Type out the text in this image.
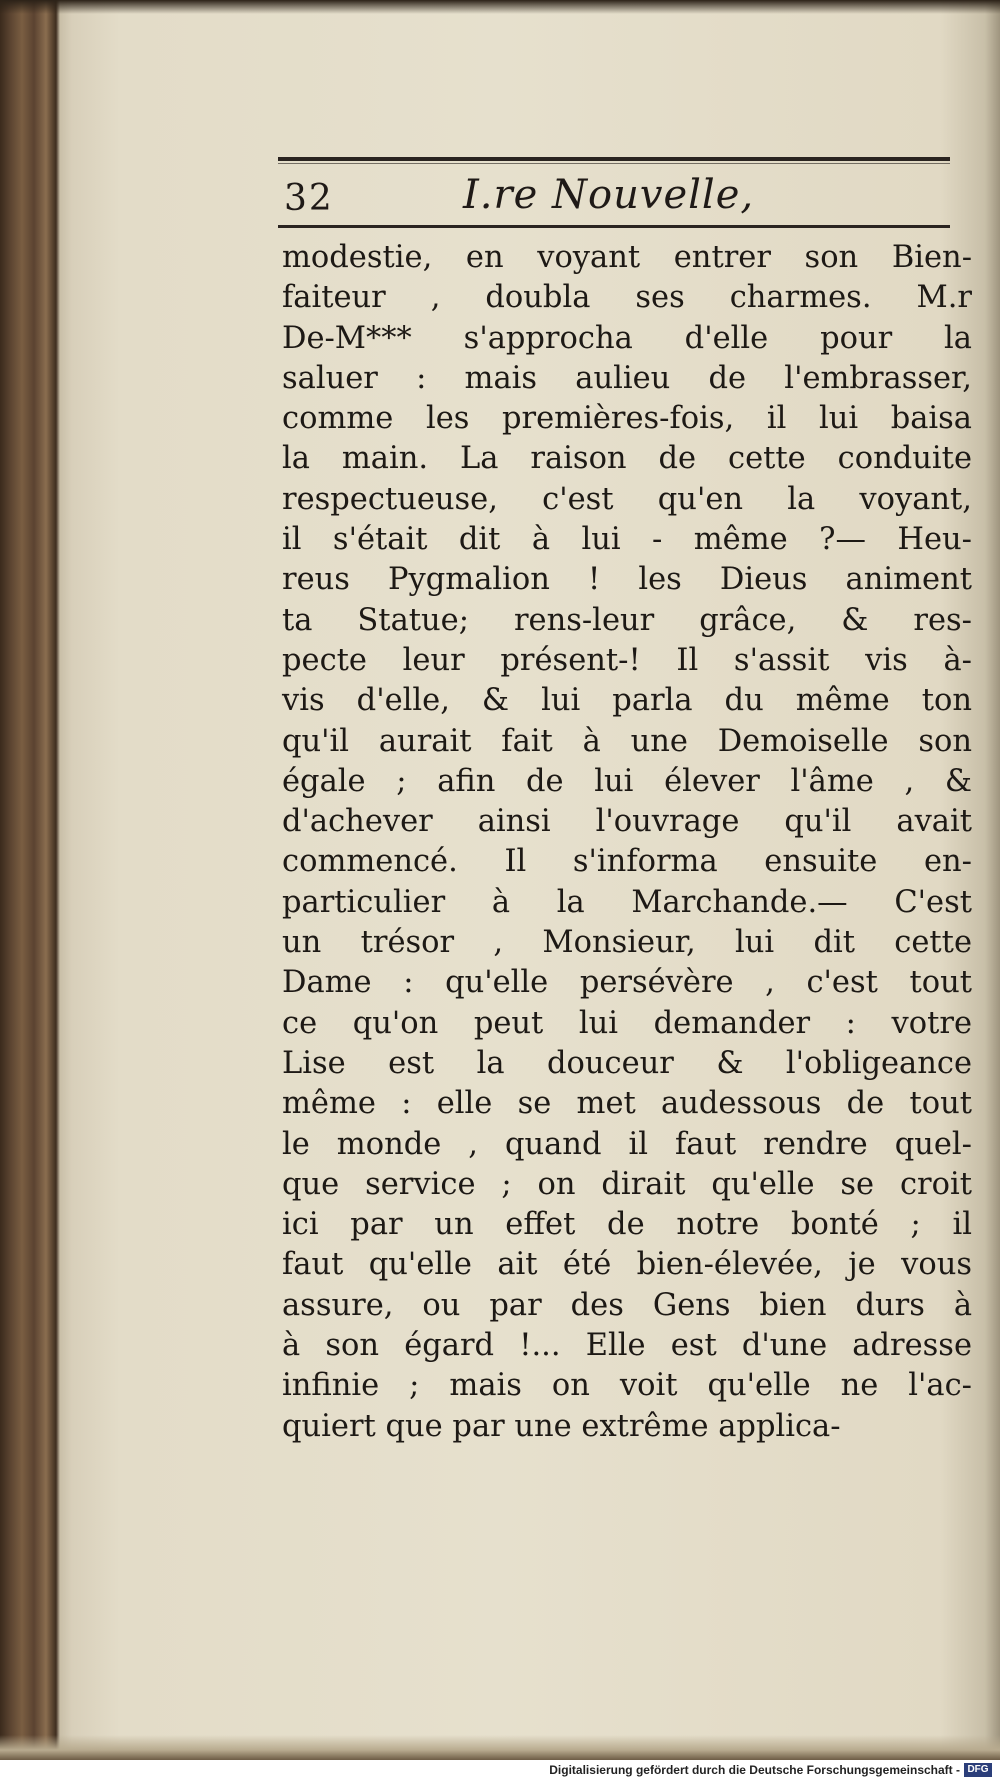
32	I.re Nouvelle,
modestie, en voyant entrer son Bien-
faiteur , doubla ses charmes. M.r
De-M*** s'approcha d'elle pour la
saluer : mais aulieu de l'embrasser,
comme les premières-fois, il lui baisa
la main. La raison de cette conduite
respectueuse, c'est qu'en la voyant,
il s'était dit à lui - même ?— Heu-
reus Pygmalion ! les Dieus animent
ta Statue; rens-leur grâce, & res-
pecte leur présent-! Il s'assit vis à-
vis d'elle, & lui parla du même ton
qu'il aurait fait à une Demoiselle son
égale ; afin de lui élever l'âme , &
d'achever ainsi l'ouvrage qu'il avait
commencé. Il s'informa ensuite en-
particulier à la Marchande.— C'est
un trésor , Monsieur, lui dit cette
Dame : qu'elle persévère , c'est tout
ce qu'on peut lui demander : votre
Lise est la douceur & l'obligeance
même : elle se met audessous de tout
le monde , quand il faut rendre quel-
que service ; on dirait qu'elle se croit
ici par un effet de notre bonté ; il
faut qu'elle ait été bien-élevée, je vous
assure, ou par des Gens bien durs à
à son égard !... Elle est d'une adresse
infinie ; mais on voit qu'elle ne l'ac-
quiert que par une extrême applica-
Digitalisierung gefördert durch die Deutsche Forschungsgemeinschaft - DFG
